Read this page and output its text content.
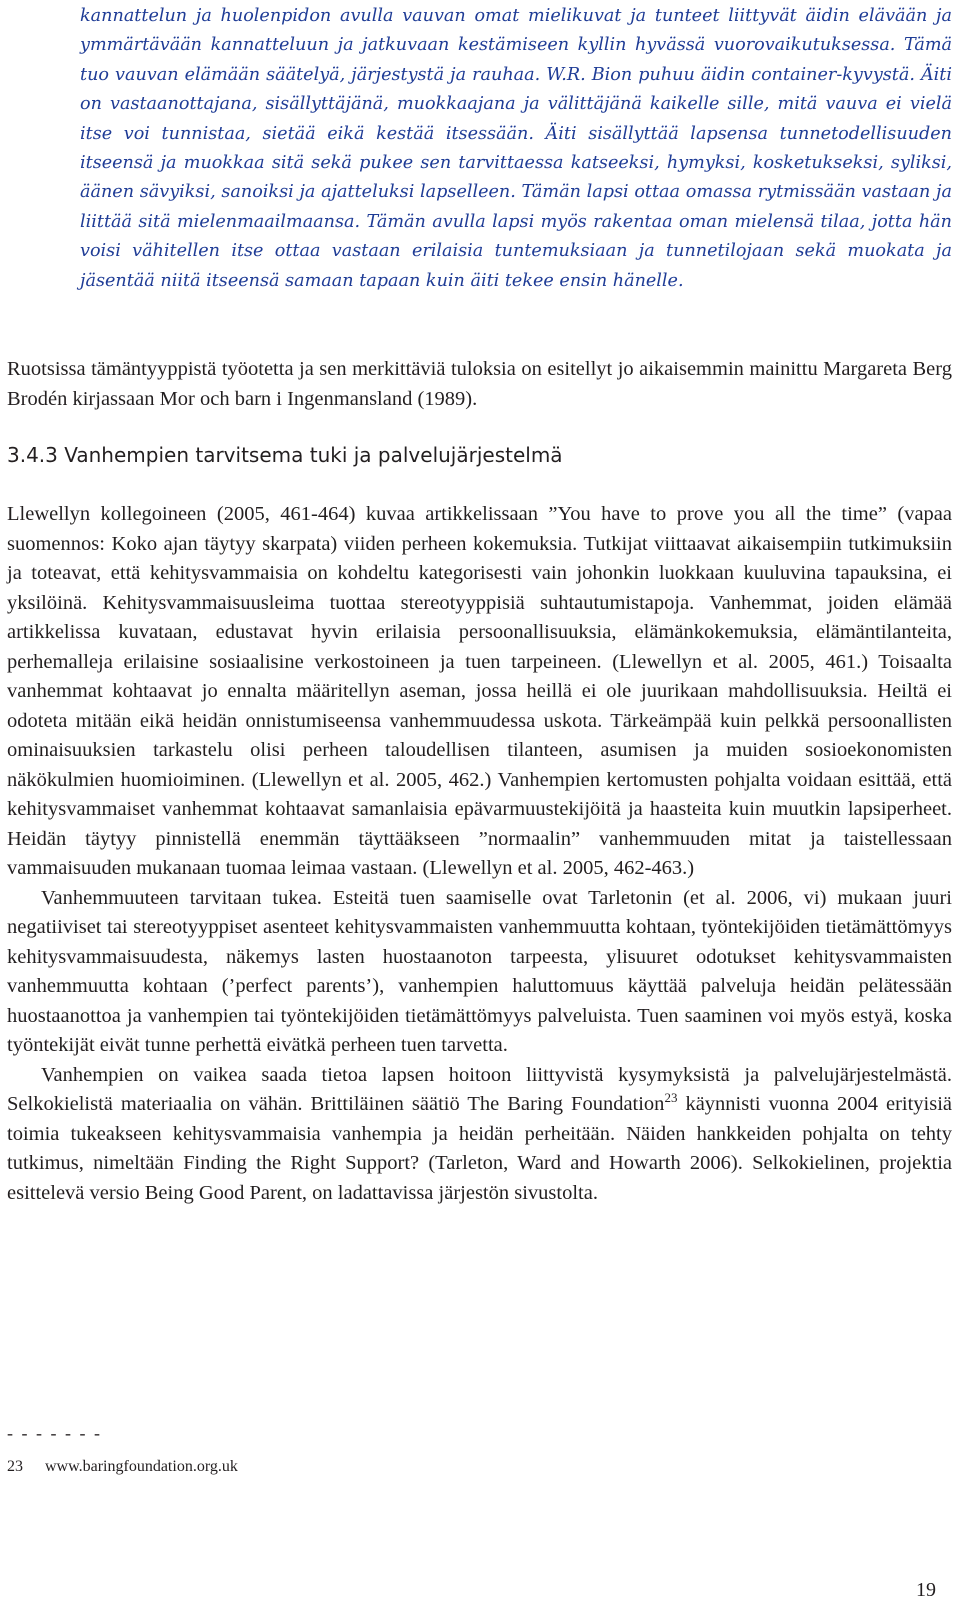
kannattelun ja huolenpidon avulla vauvan omat mielikuvat ja tunteet liittyvät äidin elävään ja ymmärtävään kannatteluun ja jatkuvaan kestämiseen kyllin hyvässä vuorovaikutuksessa. Tämä tuo vauvan elämään säätelyä, järjestystä ja rauhaa. W.R. Bion puhuu äidin container-kyvystä. Äiti on vastaanottajana, sisällyttäjänä, muokkaajana ja välittäjänä kaikelle sille, mitä vauva ei vielä itse voi tunnistaa, sietää eikä kestää itsessään. Äiti sisällyttää lapsensa tunnetodellisuuden itseensä ja muokkaa sitä sekä pukee sen tarvittaessa katseeksi, hymyksi, kosketukseksi, syliksi, äänen sävyiksi, sanoiksi ja ajatteluksi lapselleen. Tämän lapsi ottaa omassa rytmissään vastaan ja liittää sitä mielenmaailmaansa. Tämän avulla lapsi myös rakentaa oman mielensä tilaa, jotta hän voisi vähitellen itse ottaa vastaan erilaisia tuntemuksiaan ja tunnetilojaan sekä muokata ja jäsentää niitä itseensä samaan tapaan kuin äiti tekee ensin hänelle.

Ruotsissa tämäntyyppistä työotetta ja sen merkittäviä tuloksia on esitellyt jo aikaisemmin mainittu Margareta Berg Brodén kirjassaan Mor och barn i Ingenmansland (1989).

3.4.3 Vanhempien tarvitsema tuki ja palvelujärjestelmä

Llewellyn kollegoineen (2005, 461-464) kuvaa artikkelissaan ”You have to prove you all the time” (vapaa suomennos: Koko ajan täytyy skarpata) viiden perheen kokemuksia. Tutkijat viittaavat aikaisempiin tutkimuksiin ja toteavat, että kehitysvammaisia on kohdeltu kategorisesti vain johonkin luokkaan kuuluvina tapauksina, ei yksilöinä. Kehitysvammaisuusleima tuottaa stereotyyppisiä suhtautumistapoja. Vanhemmat, joiden elämää artikkelissa kuvataan, edustavat hyvin erilaisia persoonallisuuksia, elämänkokemuksia, elämäntilanteita, perhemalleja erilaisine sosiaalisine verkostoineen ja tuen tarpeineen. (Llewellyn et al. 2005, 461.) Toisaalta vanhemmat kohtaavat jo ennalta määritellyn aseman, jossa heillä ei ole juurikaan mahdollisuuksia. Heiltä ei odoteta mitään eikä heidän onnistumiseensa vanhemmuudessa uskota. Tärkeämpää kuin pelkkä persoonallisten ominaisuuksien tarkastelu olisi perheen taloudellisen tilanteen, asumisen ja muiden sosioekonomisten näkökulmien huomioiminen. (Llewellyn et al. 2005, 462.) Vanhempien kertomusten pohjalta voidaan esittää, että kehitysvammaiset vanhemmat kohtaavat samanlaisia epävarmuustekijöitä ja haasteita kuin muutkin lapsiperheet. Heidän täytyy pinnistellä enemmän täyttääkseen ”normaalin” vanhemmuuden mitat ja taistellessaan vammaisuuden mukanaan tuomaa leimaa vastaan. (Llewellyn et al. 2005, 462-463.)

Vanhemmuuteen tarvitaan tukea. Esteitä tuen saamiselle ovat Tarletonin (et al. 2006, vi) mukaan juuri negatiiviset tai stereotyyppiset asenteet kehitysvammaisten vanhemmuutta kohtaan, työntekijöiden tietämättömyys kehitysvammaisuudesta, näkemys lasten huostaanoton tarpeesta, ylisuuret odotukset kehitysvammaisten vanhemmuutta kohtaan (’perfect parents’), vanhempien haluttomuus käyttää palveluja heidän pelätessään huostaanottoa ja vanhempien tai työntekijöiden tietämättömyys palveluista. Tuen saaminen voi myös estyä, koska työntekijät eivät tunne perhettä eivätkä perheen tuen tarvetta.

Vanhempien on vaikea saada tietoa lapsen hoitoon liittyvistä kysymyksistä ja palvelujärjestelmästä. Selkokielistä materiaalia on vähän. Brittiläinen säätiö The Baring Foundation$^{23}$ käynnisti vuonna 2004 erityisiä toimia tukeakseen kehitysvammaisia vanhempia ja heidän perheitään. Näiden hankkeiden pohjalta on tehty tutkimus, nimeltään Finding the Right Support? (Tarleton, Ward and Howarth 2006). Selkokielinen, projektia esittelevä versio Being Good Parent, on ladattavissa järjestön sivustolta.

- - - - - - -

23 www.baringfoundation.org.uk

19
